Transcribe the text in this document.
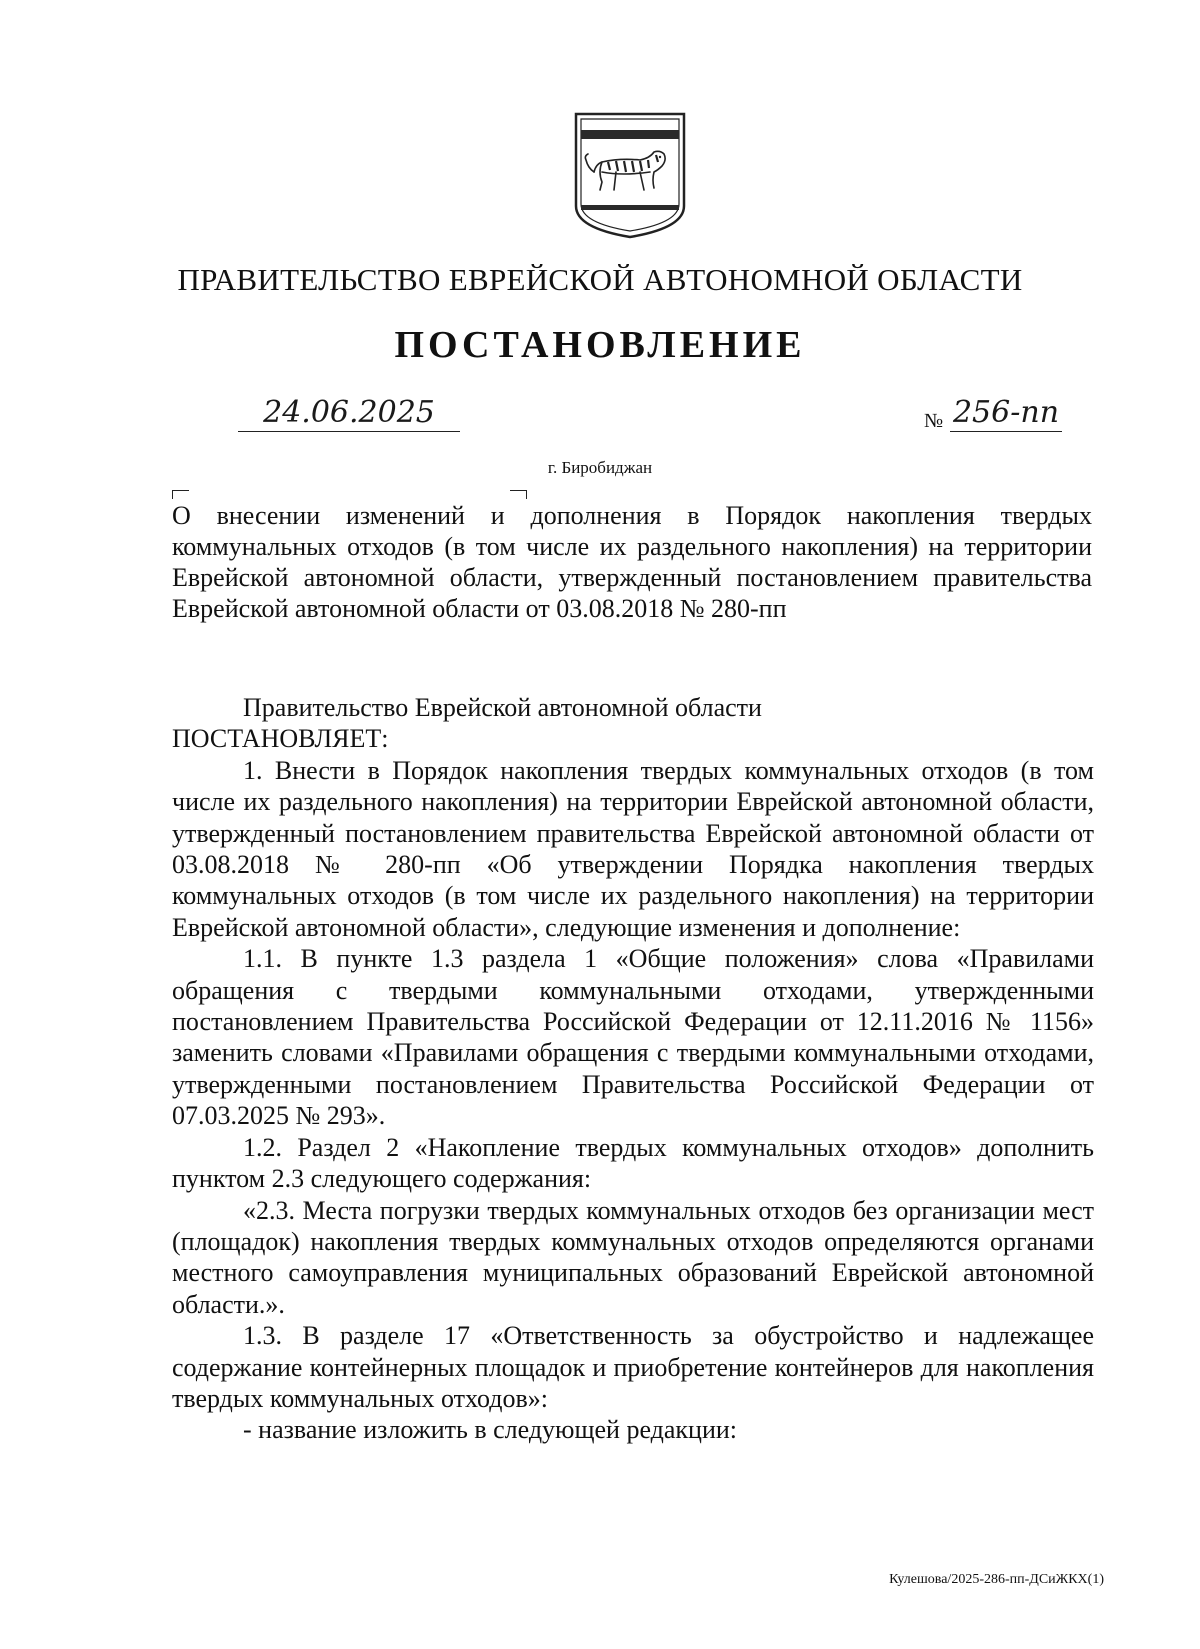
ПРАВИТЕЛЬСТВО ЕВРЕЙСКОЙ АВТОНОМНОЙ ОБЛАСТИ
ПОСТАНОВЛЕНИЕ
24.06.2025	№ 256-пп
г. Биробиджан
О внесении изменений и дополнения в Порядок накопления твердых коммунальных отходов (в том числе их раздельного накопления) на территории Еврейской автономной области, утвержденный постановлением правительства Еврейской автономной области от 03.08.2018 № 280-пп

Правительство Еврейской автономной области

ПОСТАНОВЛЯЕТ:

1. Внести в Порядок накопления твердых коммунальных отходов (в том числе их раздельного накопления) на территории Еврейской автономной области, утвержденный постановлением правительства Еврейской автономной области от 03.08.2018 № 280-пп «Об утверждении Порядка накопления твердых коммунальных отходов (в том числе их раздельного накопления) на территории Еврейской автономной области», следующие изменения и дополнение:

1.1. В пункте 1.3 раздела 1 «Общие положения» слова «Правилами обращения с твердыми коммунальными отходами, утвержденными постановлением Правительства Российской Федерации от 12.11.2016 № 1156» заменить словами «Правилами обращения с твердыми коммунальными отходами, утвержденными постановлением Правительства Российской Федерации от 07.03.2025 № 293».

1.2. Раздел 2 «Накопление твердых коммунальных отходов» дополнить пунктом 2.3 следующего содержания:

«2.3. Места погрузки твердых коммунальных отходов без организации мест (площадок) накопления твердых коммунальных отходов определяются органами местного самоуправления муниципальных образований Еврейской автономной области.».

1.3. В разделе 17 «Ответственность за обустройство и надлежащее содержание контейнерных площадок и приобретение контейнеров для накопления твердых коммунальных отходов»:

- название изложить в следующей редакции:

Кулешова/2025-286-пп-ДСиЖКХ(1)
